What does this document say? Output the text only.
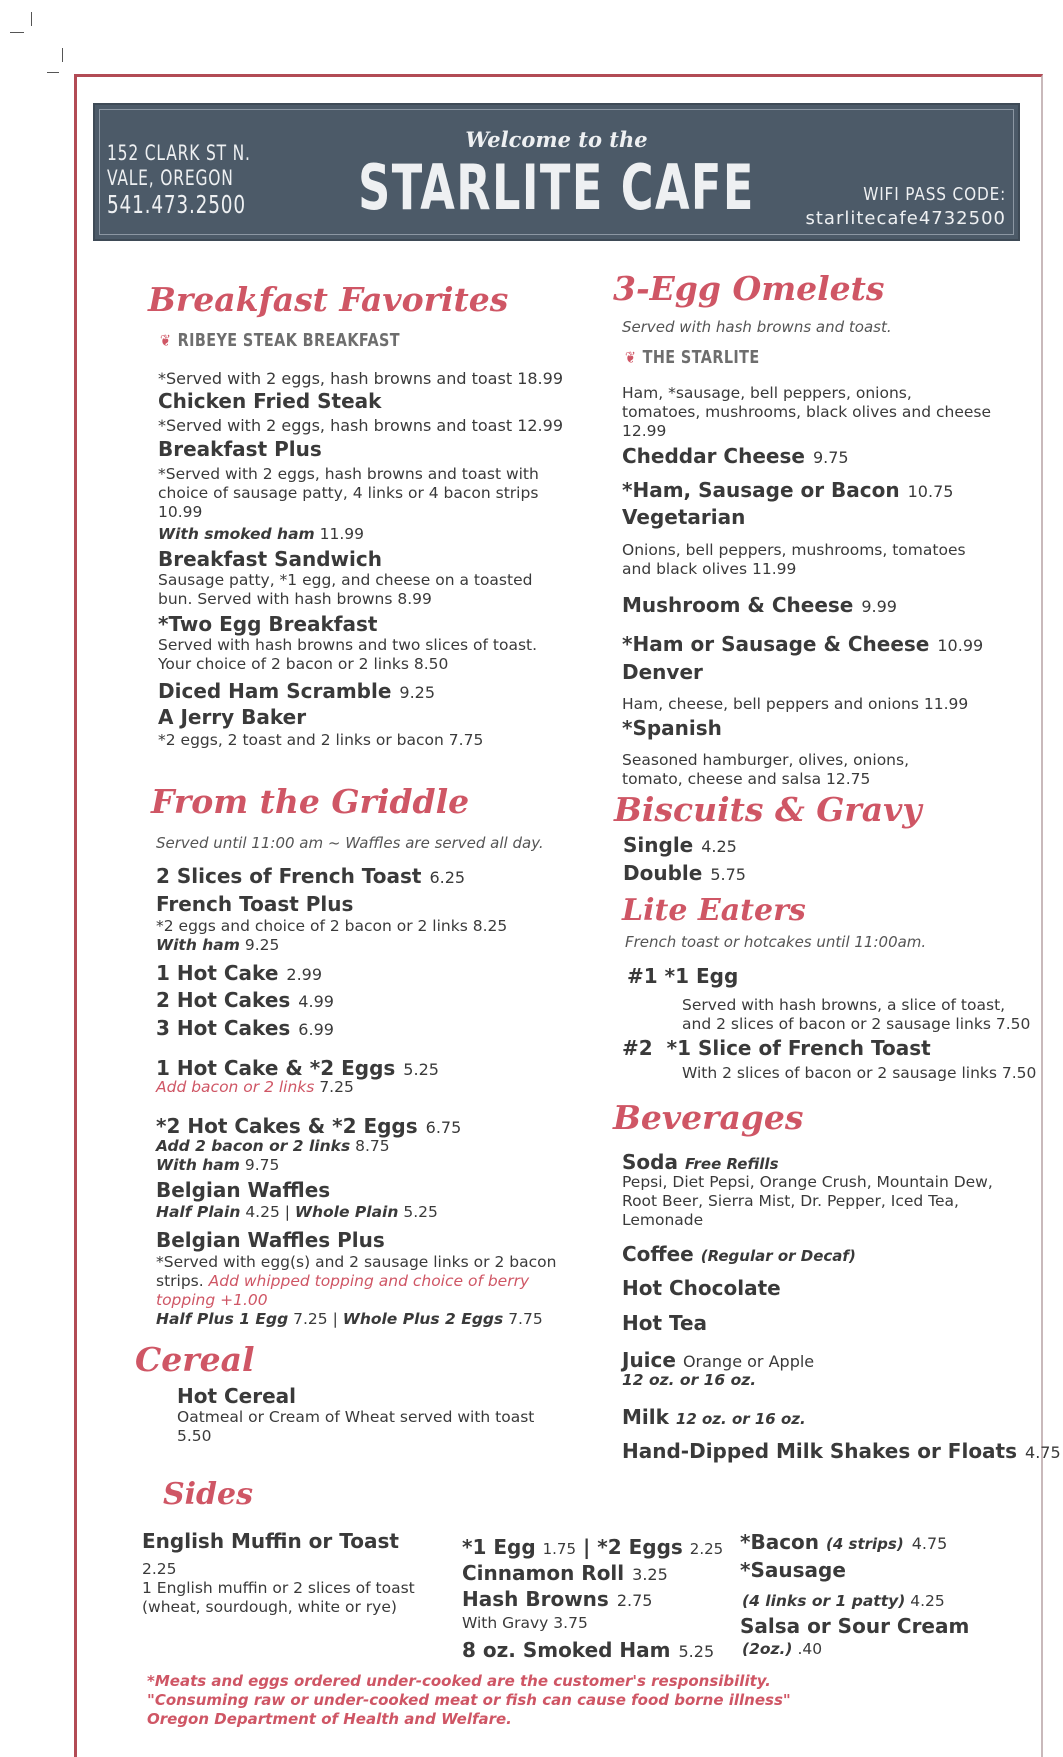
152 CLARK ST N.
VALE, OREGON
541.473.2500
Welcome to the
STARLITE CAFE	WIFI PASS CODE:
starlitecafe4732500
Breakfast Favorites
❦ RIBEYE STEAK BREAKFAST
*Served with 2 eggs, hash browns and toast 18.99
Chicken Fried Steak
*Served with 2 eggs, hash browns and toast 12.99
Breakfast Plus
*Served with 2 eggs, hash browns and toast with
choice of sausage patty, 4 links or 4 bacon strips
10.99
With smoked ham 11.99
Breakfast Sandwich
Sausage patty, *1 egg, and cheese on a toasted
bun. Served with hash browns 8.99
*Two Egg Breakfast
Served with hash browns and two slices of toast.
Your choice of 2 bacon or 2 links 8.50
Diced Ham Scramble 9.25
A Jerry Baker
*2 eggs, 2 toast and 2 links or bacon 7.75
From the Griddle
Served until 11:00 am ~ Waffles are served all day.
2 Slices of French Toast 6.25
French Toast Plus
*2 eggs and choice of 2 bacon or 2 links 8.25
With ham 9.25
1 Hot Cake 2.99
2 Hot Cakes 4.99
3 Hot Cakes 6.99
1 Hot Cake & *2 Eggs 5.25
Add bacon or 2 links 7.25
*2 Hot Cakes & *2 Eggs 6.75
Add 2 bacon or 2 links 8.75
With ham 9.75
Belgian Waffles
Half Plain 4.25 | Whole Plain 5.25
Belgian Waffles Plus
*Served with egg(s) and 2 sausage links or 2 bacon
strips. Add whipped topping and choice of berry
topping +1.00
Half Plus 1 Egg 7.25 | Whole Plus 2 Eggs 7.75
Cereal
Hot Cereal
Oatmeal or Cream of Wheat served with toast
5.50
3-Egg Omelets
Served with hash browns and toast.
❦ THE STARLITE
Ham, *sausage, bell peppers, onions,
tomatoes, mushrooms, black olives and cheese
12.99
Cheddar Cheese 9.75
*Ham, Sausage or Bacon 10.75
Vegetarian
Onions, bell peppers, mushrooms, tomatoes
and black olives 11.99
Mushroom & Cheese 9.99
*Ham or Sausage & Cheese 10.99
Denver
Ham, cheese, bell peppers and onions 11.99
*Spanish
Seasoned hamburger, olives, onions,
tomato, cheese and salsa 12.75
Biscuits & Gravy
Single 4.25
Double 5.75
Lite Eaters
French toast or hotcakes until 11:00am.
#1 *1 Egg
Served with hash browns, a slice of toast,
and 2 slices of bacon or 2 sausage links 7.50
#2 *1 Slice of French Toast
With 2 slices of bacon or 2 sausage links 7.50
Beverages
Soda Free Refills
Pepsi, Diet Pepsi, Orange Crush, Mountain Dew,
Root Beer, Sierra Mist, Dr. Pepper, Iced Tea,
Lemonade
Coffee (Regular or Decaf)
Hot Chocolate
Hot Tea
Juice Orange or Apple
12 oz. or 16 oz.
Milk 12 oz. or 16 oz.
Hand-Dipped Milk Shakes or Floats 4.75
Sides
English Muffin or Toast
2.25
1 English muffin or 2 slices of toast
(wheat, sourdough, white or rye)
*1 Egg 1.75 | *2 Eggs 2.25
Cinnamon Roll 3.25
Hash Browns 2.75
With Gravy 3.75
8 oz. Smoked Ham 5.25
*Bacon (4 strips) 4.75
*Sausage
(4 links or 1 patty) 4.25
Salsa or Sour Cream
(2oz.) .40
*Meats and eggs ordered under-cooked are the customer's responsibility.
"Consuming raw or under-cooked meat or fish can cause food borne illness"
Oregon Department of Health and Welfare.
